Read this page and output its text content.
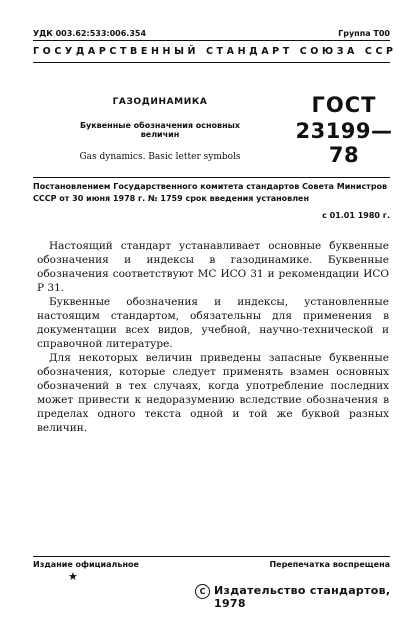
УДК 003.62:533:006.354	Группа Т00
ГОСУДАРСТВЕННЫЙ СТАНДАРТ СОЮЗА ССР
ГАЗОДИНАМИКА
Буквенные обозначения основных величин
Gas dynamics. Basic letter symbols
ГОСТ
23199—78
Постановлением Государственного комитета стандартов Совета Министров СССР от 30 июня 1978 г. № 1759 срок введения установлен
с 01.01 1980 г.

Настоящий стандарт устанавливает основные буквенные обозначения и индексы в газодинамике. Буквенные обозначения соответствуют МС ИСО 31 и рекомендации ИСО Р 31.

Буквенные обозначения и индексы, установленные настоящим стандартом, обязательны для применения в документации всех видов, учебной, научно-технической и справочной литературе.

Для некоторых величин приведены запасные буквенные обозначения, которые следует применять взамен основных обозначений в тех случаях, когда употребление последних может привести к недоразумению вследствие обозначения в пределах одного текста одной и той же буквой разных величин.

Издание официальное	Перепечатка воспрещена
★
С Издательство стандартов, 1978
